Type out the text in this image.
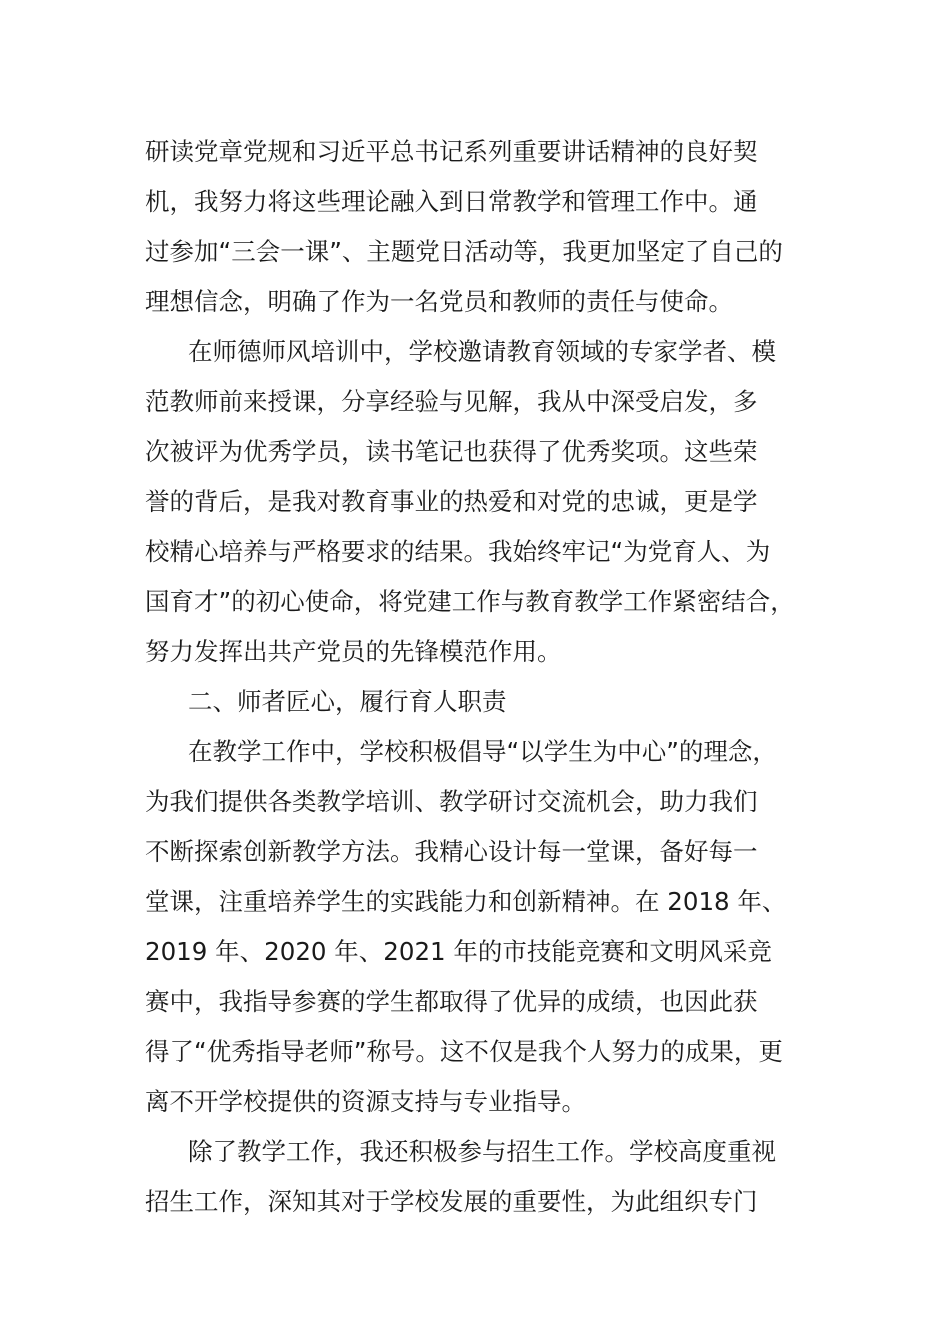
研读党章党规和习近平总书记系列重要讲话精神的良好契
机，我努力将这些理论融入到日常教学和管理工作中。通
过参加“三会一课”、主题党日活动等，我更加坚定了自己的
理想信念，明确了作为一名党员和教师的责任与使命。
在师德师风培训中，学校邀请教育领域的专家学者、模
范教师前来授课，分享经验与见解，我从中深受启发，多
次被评为优秀学员，读书笔记也获得了优秀奖项。这些荣
誉的背后，是我对教育事业的热爱和对党的忠诚，更是学
校精心培养与严格要求的结果。我始终牢记“为党育人、为
国育才”的初心使命，将党建工作与教育教学工作紧密结合，
努力发挥出共产党员的先锋模范作用。
二、师者匠心，履行育人职责
在教学工作中，学校积极倡导“以学生为中心”的理念，
为我们提供各类教学培训、教学研讨交流机会，助力我们
不断探索创新教学方法。我精心设计每一堂课，备好每一
堂课，注重培养学生的实践能力和创新精神。在 2018 年、
2019 年、2020 年、2021 年的市技能竞赛和文明风采竞
赛中，我指导参赛的学生都取得了优异的成绩，也因此获
得了“优秀指导老师”称号。这不仅是我个人努力的成果，更
离不开学校提供的资源支持与专业指导。
除了教学工作，我还积极参与招生工作。学校高度重视
招生工作，深知其对于学校发展的重要性，为此组织专门
